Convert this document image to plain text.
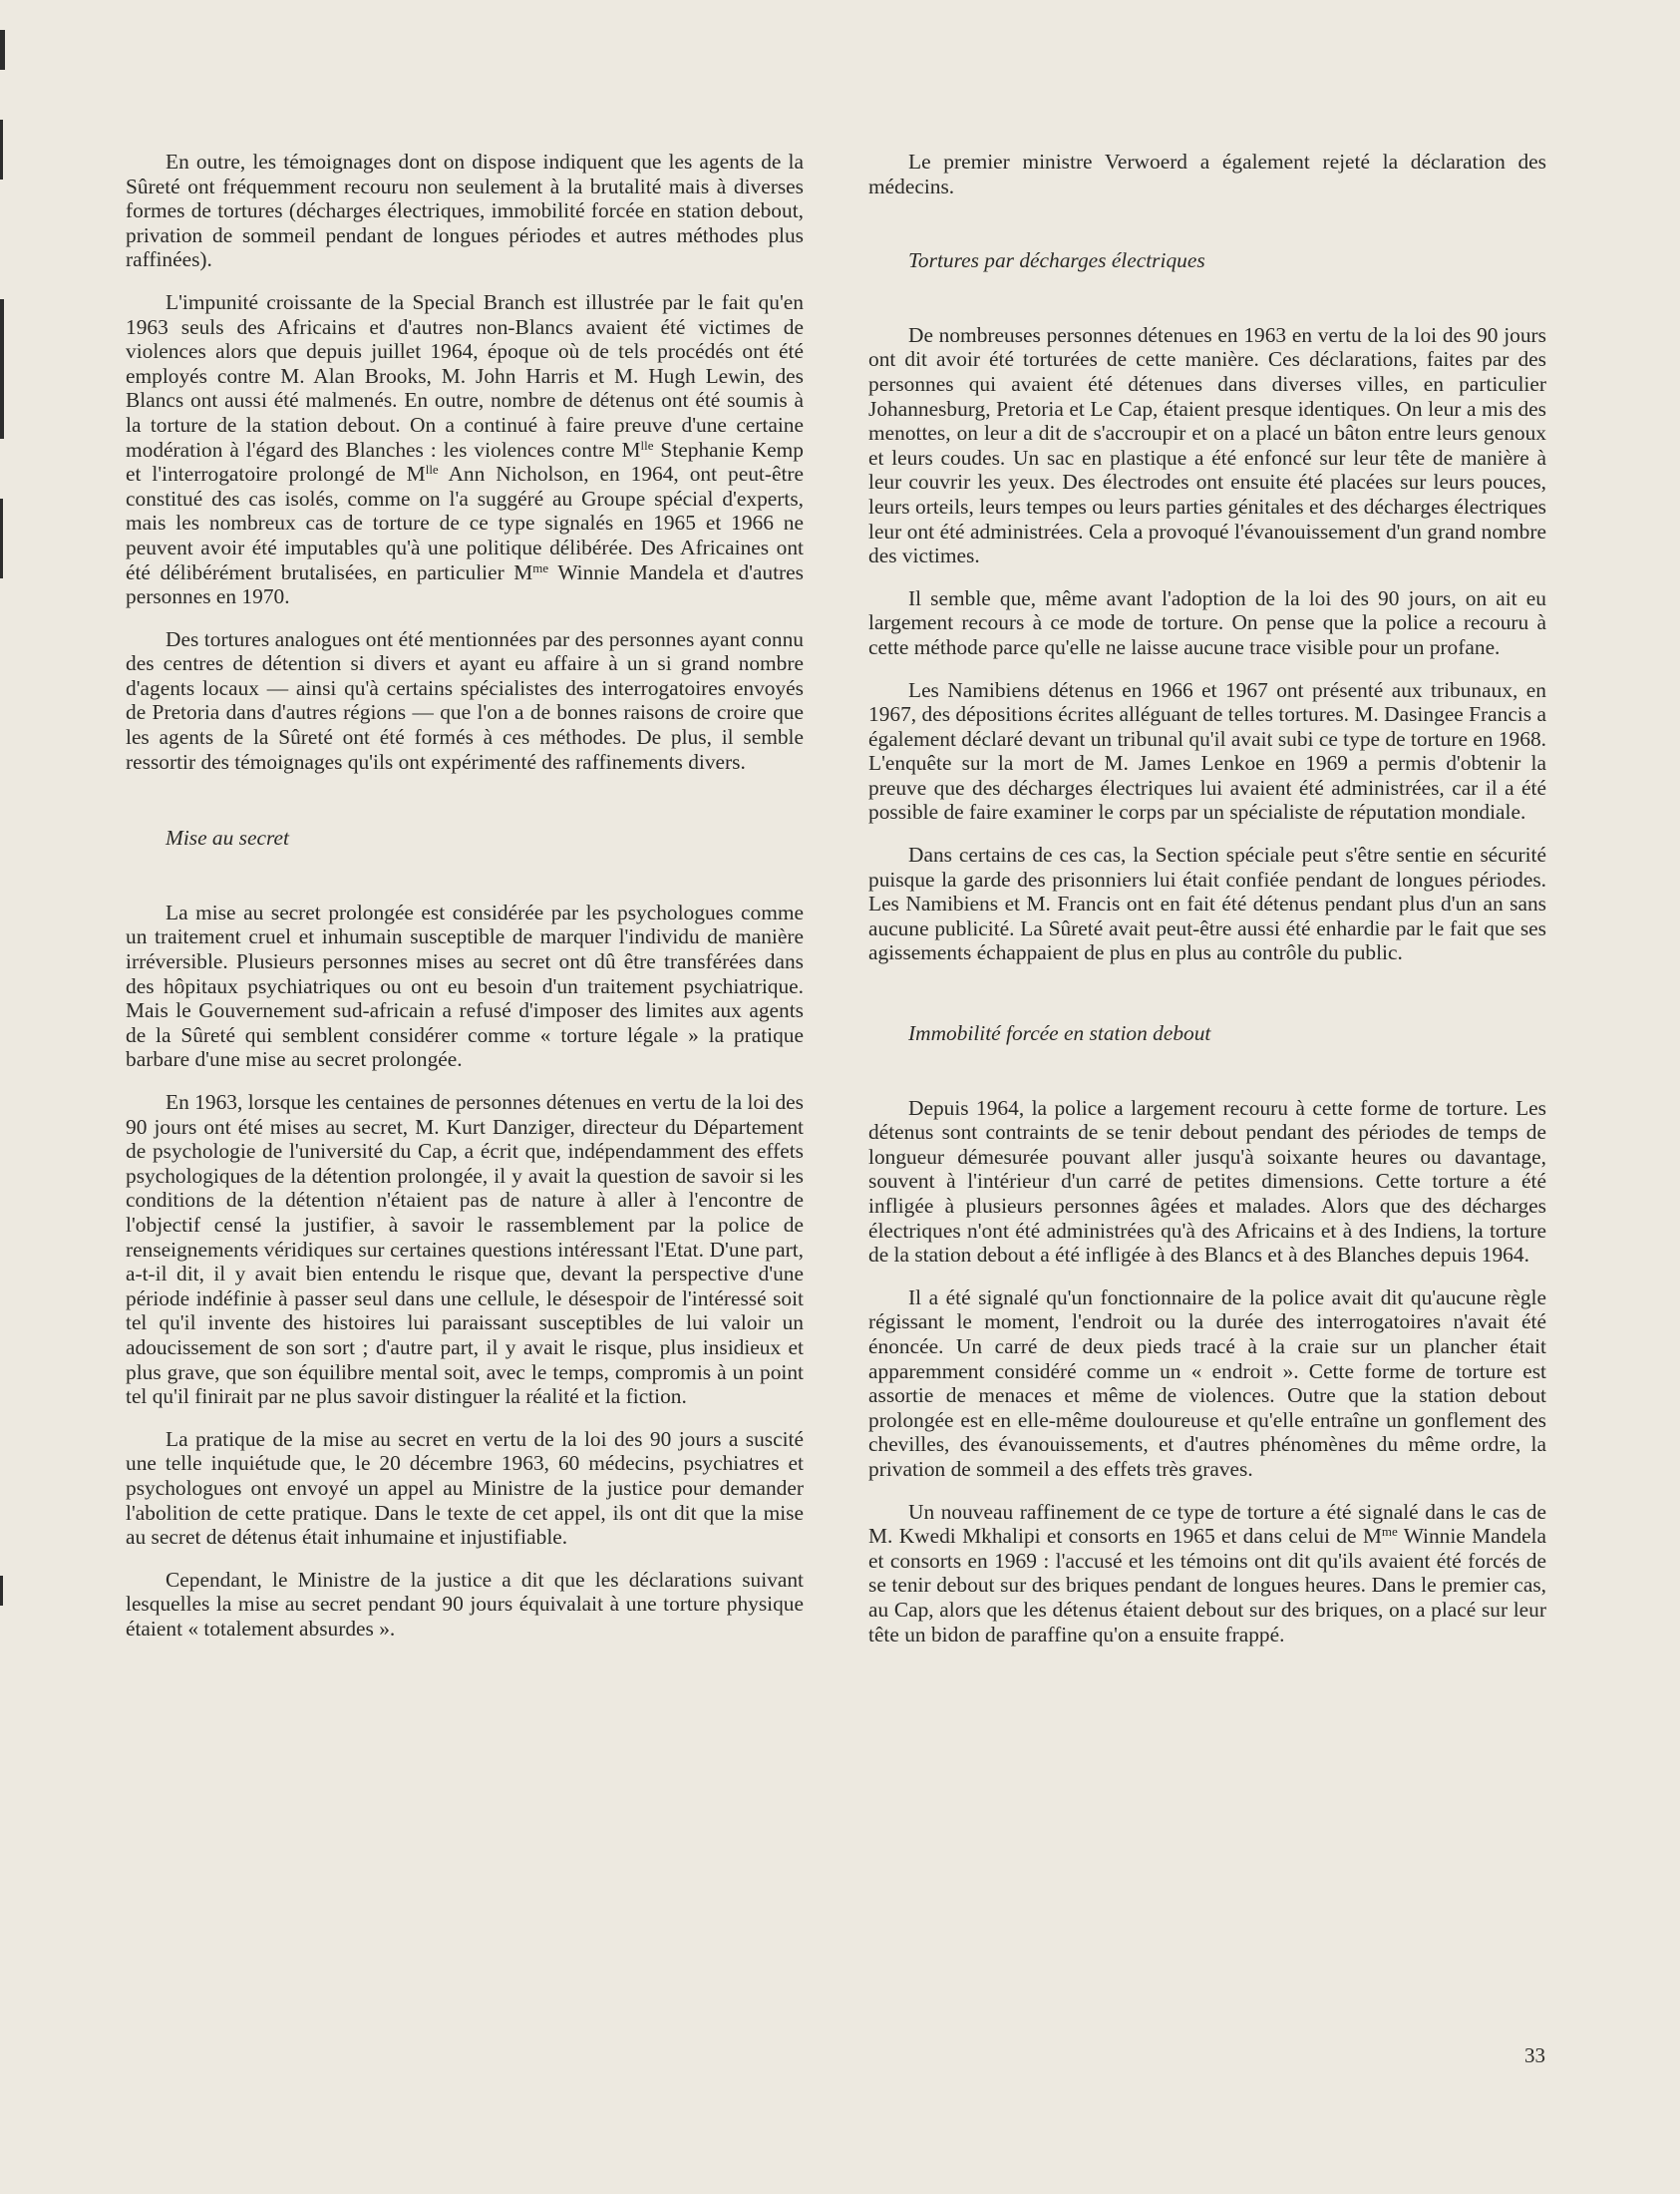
En outre, les témoignages dont on dispose indiquent que les agents de la Sûreté ont fréquemment recouru non seulement à la brutalité mais à diverses formes de tortures (décharges électriques, immobilité forcée en station debout, privation de sommeil pendant de longues périodes et autres méthodes plus raffinées).

L'impunité croissante de la Special Branch est illustrée par le fait qu'en 1963 seuls des Africains et d'autres non-Blancs avaient été victimes de violences alors que depuis juillet 1964, époque où de tels procédés ont été employés contre M. Alan Brooks, M. John Harris et M. Hugh Lewin, des Blancs ont aussi été malmenés. En outre, nombre de détenus ont été soumis à la torture de la station debout. On a continué à faire preuve d'une certaine modération à l'égard des Blanches : les violences contre $M^{lle}$ Stephanie Kemp et l'interrogatoire prolongé de $M^{lle}$ Ann Nicholson, en 1964, ont peut-être constitué des cas isolés, comme on l'a suggéré au Groupe spécial d'experts, mais les nombreux cas de torture de ce type signalés en 1965 et 1966 ne peuvent avoir été imputables qu'à une politique délibérée. Des Africaines ont été délibérément brutalisées, en particulier $M^{me}$ Winnie Mandela et d'autres personnes en 1970.

Des tortures analogues ont été mentionnées par des personnes ayant connu des centres de détention si divers et ayant eu affaire à un si grand nombre d'agents locaux — ainsi qu'à certains spécialistes des interrogatoires envoyés de Pretoria dans d'autres régions — que l'on a de bonnes raisons de croire que les agents de la Sûreté ont été formés à ces méthodes. De plus, il semble ressortir des témoignages qu'ils ont expérimenté des raffinements divers.

Mise au secret

La mise au secret prolongée est considérée par les psychologues comme un traitement cruel et inhumain susceptible de marquer l'individu de manière irréversible. Plusieurs personnes mises au secret ont dû être transférées dans des hôpitaux psychiatriques ou ont eu besoin d'un traitement psychiatrique. Mais le Gouvernement sud-africain a refusé d'imposer des limites aux agents de la Sûreté qui semblent considérer comme « torture légale » la pratique barbare d'une mise au secret prolongée.

En 1963, lorsque les centaines de personnes détenues en vertu de la loi des 90 jours ont été mises au secret, M. Kurt Danziger, directeur du Département de psychologie de l'université du Cap, a écrit que, indépendamment des effets psychologiques de la détention prolongée, il y avait la question de savoir si les conditions de la détention n'étaient pas de nature à aller à l'encontre de l'objectif censé la justifier, à savoir le rassemblement par la police de renseignements véridiques sur certaines questions intéressant l'Etat. D'une part, a-t-il dit, il y avait bien entendu le risque que, devant la perspective d'une période indéfinie à passer seul dans une cellule, le désespoir de l'intéressé soit tel qu'il invente des histoires lui paraissant susceptibles de lui valoir un adoucissement de son sort ; d'autre part, il y avait le risque, plus insidieux et plus grave, que son équilibre mental soit, avec le temps, compromis à un point tel qu'il finirait par ne plus savoir distinguer la réalité et la fiction.

La pratique de la mise au secret en vertu de la loi des 90 jours a suscité une telle inquiétude que, le 20 décembre 1963, 60 médecins, psychiatres et psychologues ont envoyé un appel au Ministre de la justice pour demander l'abolition de cette pratique. Dans le texte de cet appel, ils ont dit que la mise au secret de détenus était inhumaine et injustifiable.

Cependant, le Ministre de la justice a dit que les déclarations suivant lesquelles la mise au secret pendant 90 jours équivalait à une torture physique étaient « totalement absurdes ».

Le premier ministre Verwoerd a également rejeté la déclaration des médecins.

Tortures par décharges électriques

De nombreuses personnes détenues en 1963 en vertu de la loi des 90 jours ont dit avoir été torturées de cette manière. Ces déclarations, faites par des personnes qui avaient été détenues dans diverses villes, en particulier Johannesburg, Pretoria et Le Cap, étaient presque identiques. On leur a mis des menottes, on leur a dit de s'accroupir et on a placé un bâton entre leurs genoux et leurs coudes. Un sac en plastique a été enfoncé sur leur tête de manière à leur couvrir les yeux. Des électrodes ont ensuite été placées sur leurs pouces, leurs orteils, leurs tempes ou leurs parties génitales et des décharges électriques leur ont été administrées. Cela a provoqué l'évanouissement d'un grand nombre des victimes.

Il semble que, même avant l'adoption de la loi des 90 jours, on ait eu largement recours à ce mode de torture. On pense que la police a recouru à cette méthode parce qu'elle ne laisse aucune trace visible pour un profane.

Les Namibiens détenus en 1966 et 1967 ont présenté aux tribunaux, en 1967, des dépositions écrites alléguant de telles tortures. M. Dasingee Francis a également déclaré devant un tribunal qu'il avait subi ce type de torture en 1968. L'enquête sur la mort de M. James Lenkoe en 1969 a permis d'obtenir la preuve que des décharges électriques lui avaient été administrées, car il a été possible de faire examiner le corps par un spécialiste de réputation mondiale.

Dans certains de ces cas, la Section spéciale peut s'être sentie en sécurité puisque la garde des prisonniers lui était confiée pendant de longues périodes. Les Namibiens et M. Francis ont en fait été détenus pendant plus d'un an sans aucune publicité. La Sûreté avait peut-être aussi été enhardie par le fait que ses agissements échappaient de plus en plus au contrôle du public.

Immobilité forcée en station debout

Depuis 1964, la police a largement recouru à cette forme de torture. Les détenus sont contraints de se tenir debout pendant des périodes de temps de longueur démesurée pouvant aller jusqu'à soixante heures ou davantage, souvent à l'intérieur d'un carré de petites dimensions. Cette torture a été infligée à plusieurs personnes âgées et malades. Alors que des décharges électriques n'ont été administrées qu'à des Africains et à des Indiens, la torture de la station debout a été infligée à des Blancs et à des Blanches depuis 1964.

Il a été signalé qu'un fonctionnaire de la police avait dit qu'aucune règle régissant le moment, l'endroit ou la durée des interrogatoires n'avait été énoncée. Un carré de deux pieds tracé à la craie sur un plancher était apparemment considéré comme un « endroit ». Cette forme de torture est assortie de menaces et même de violences. Outre que la station debout prolongée est en elle-même douloureuse et qu'elle entraîne un gonflement des chevilles, des évanouissements, et d'autres phénomènes du même ordre, la privation de sommeil a des effets très graves.

Un nouveau raffinement de ce type de torture a été signalé dans le cas de M. Kwedi Mkhalipi et consorts en 1965 et dans celui de $M^{me}$ Winnie Mandela et consorts en 1969 : l'accusé et les témoins ont dit qu'ils avaient été forcés de se tenir debout sur des briques pendant de longues heures. Dans le premier cas, au Cap, alors que les détenus étaient debout sur des briques, on a placé sur leur tête un bidon de paraffine qu'on a ensuite frappé.

33
